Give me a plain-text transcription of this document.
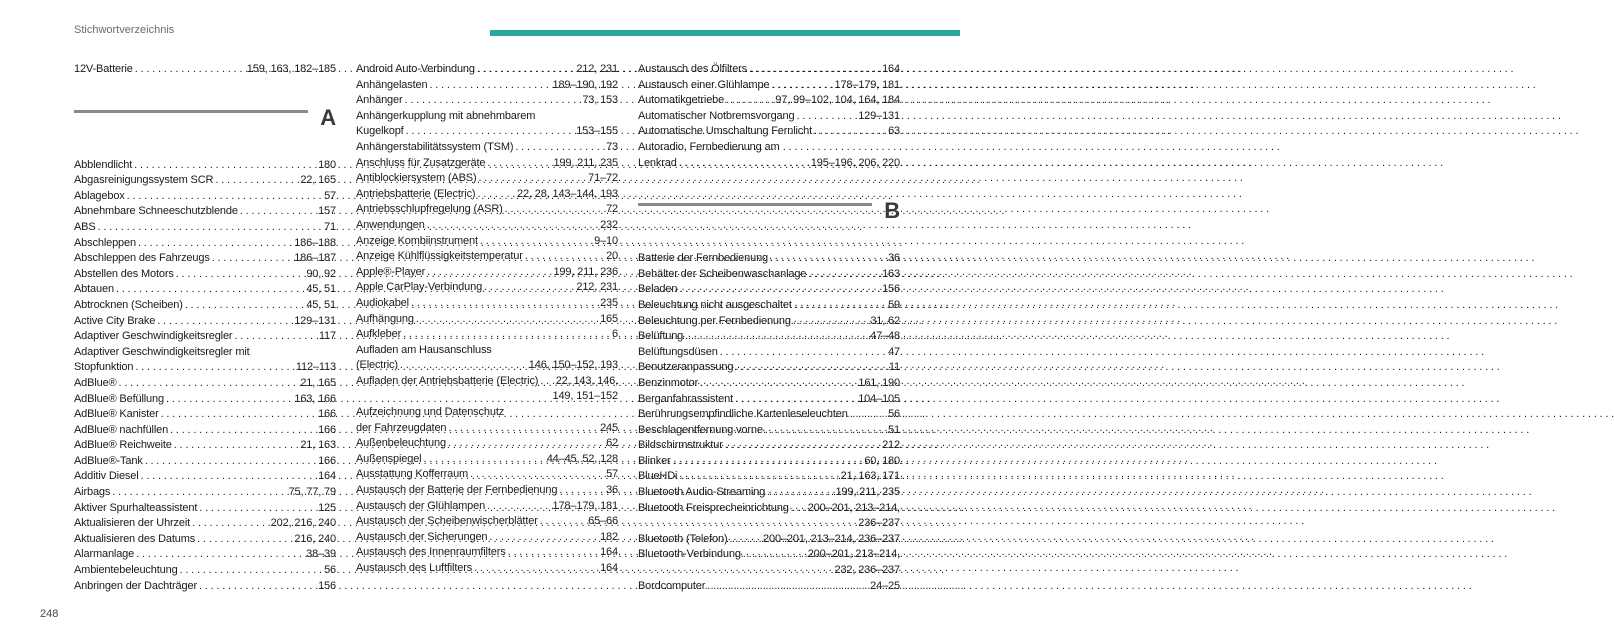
Stichwortverzeichnis
12V-Batterie . . .	159, 163, 182–185
A
Abblendlicht . . .	180
Abgasreinigungssystem SCR . . .	22, 165
Ablagebox . . .	57
Abnehmbare Schneeschutzblende . . .	157
ABS . . .	71
Abschleppen . . .	186–188
Abschleppen des Fahrzeugs . . .	186–187
Abstellen des Motors . . .	90, 92
Abtauen . . .	45, 51
Abtrocknen (Scheiben) . . .	45, 51
Active City Brake . . .	129–131
Adaptiver Geschwindigkeitsregler . . .	117
Adaptiver Geschwindigkeitsregler mit
Stopfunktion . . .	112–113
AdBlue® . . .	21, 165
AdBlue® Befüllung . . .	163, 166
AdBlue® Kanister . . .	166
AdBlue® nachfüllen . . .	166
AdBlue® Reichweite . . .	21, 163
AdBlue®-Tank . . .	166
Additiv Diesel . . .	164
Airbags . . .	75, 77, 79
Aktiver Spurhalteassistent . . .	125
Aktualisieren der Uhrzeit . . .	202, 216, 240
Aktualisieren des Datums . . .	216, 240
Alarmanlage . . .	38–39
Ambientebeleuchtung . . .	56
Anbringen der Dachträger . . .	156
Android Auto-Verbindung . . .	212, 231
Anhängelasten . . .	189–190, 192
Anhänger . . .	73, 153
Anhängerkupplung mit abnehmbarem
Kugelkopf . . .	153–155
Anhängerstabilitätssystem (TSM) . . .	73
Anschluss für Zusatzgeräte . . .	199, 211, 235
Antiblockiersystem (ABS) . . .	71–72
Antriebsbatterie (Electric) . . .	22, 28, 143–144, 193
Antriebsschlupfregelung (ASR) . . .	72
Anwendungen . . .	232
Anzeige Kombiinstrument . . .	9–10
Anzeige Kühlflüssigkeitstemperatur . . .	20
Apple®-Player . . .	199, 211, 236
Apple CarPlay-Verbindung . . .	212, 231
Audiokabel . . .	235
Aufhängung . . .	165
Aufkleber . . .	6
Aufladen am Hausanschluss
(Electric) . . .	146, 150–152, 193
Aufladen der Antriebsbatterie (Electric) . . . 22, 143, 146,
149, 151–152
Aufzeichnung und Datenschutz
der Fahrzeugdaten . . .	245
Außenbeleuchtung . . .	62
Außenspiegel . . .	44–45, 52, 128
Ausstattung Kofferraum . . .	57
Austausch der Batterie der Fernbedienung . . .	36
Austausch der Glühlampen . . .	178–179, 181
Austausch der Scheibenwischerblätter . . .	65–66
Austausch der Sicherungen . . .	182
Austausch des Innenraumfilters . . .	164
Austausch des Luftfilters . . .	164
Austausch des Ölfilters . . .	164
Austausch einer Glühlampe . . .	178–179, 181
Automatikgetriebe . . .	97, 99–102, 104, 164, 184
Automatischer Notbremsvorgang . . .	129–131
Automatische Umschaltung Fernlicht . . .	63
Autoradio, Fernbedienung am
Lenkrad . . .	195–196, 206, 220
B
Batterie der Fernbedienung . . .	36
Behälter der Scheibenwaschanlage . . .	163
Beladen . . .	156
Beleuchtung nicht ausgeschaltet . . .	59
Beleuchtung per Fernbedienung . . .	31, 62
Belüftung . . .	47–48
Belüftungsdüsen . . .	47
Benutzeranpassung . . .	11
Benzinmotor . . .	161, 190
Berganfahrassistent . . .	104–105
Berührungsempfindliche Kartenleseleuchten . . .	56
Beschlagentfernung vorne . . .	51
Bildschirmstruktur . . .	212
Blinker . . .	60, 180
BlueHDi . . .	21, 163, 171
Bluetooth Audio-Streaming . . .	199, 211, 235
Bluetooth Freisprecheinrichtung . . . 200–201, 213–214,
236–237
Bluetooth (Telefon) . . .	200–201, 213–214, 236–237
Bluetooth-Verbindung . . .	200–201, 213–214,
232, 236–237
Bordcomputer . . .	24–25
248
